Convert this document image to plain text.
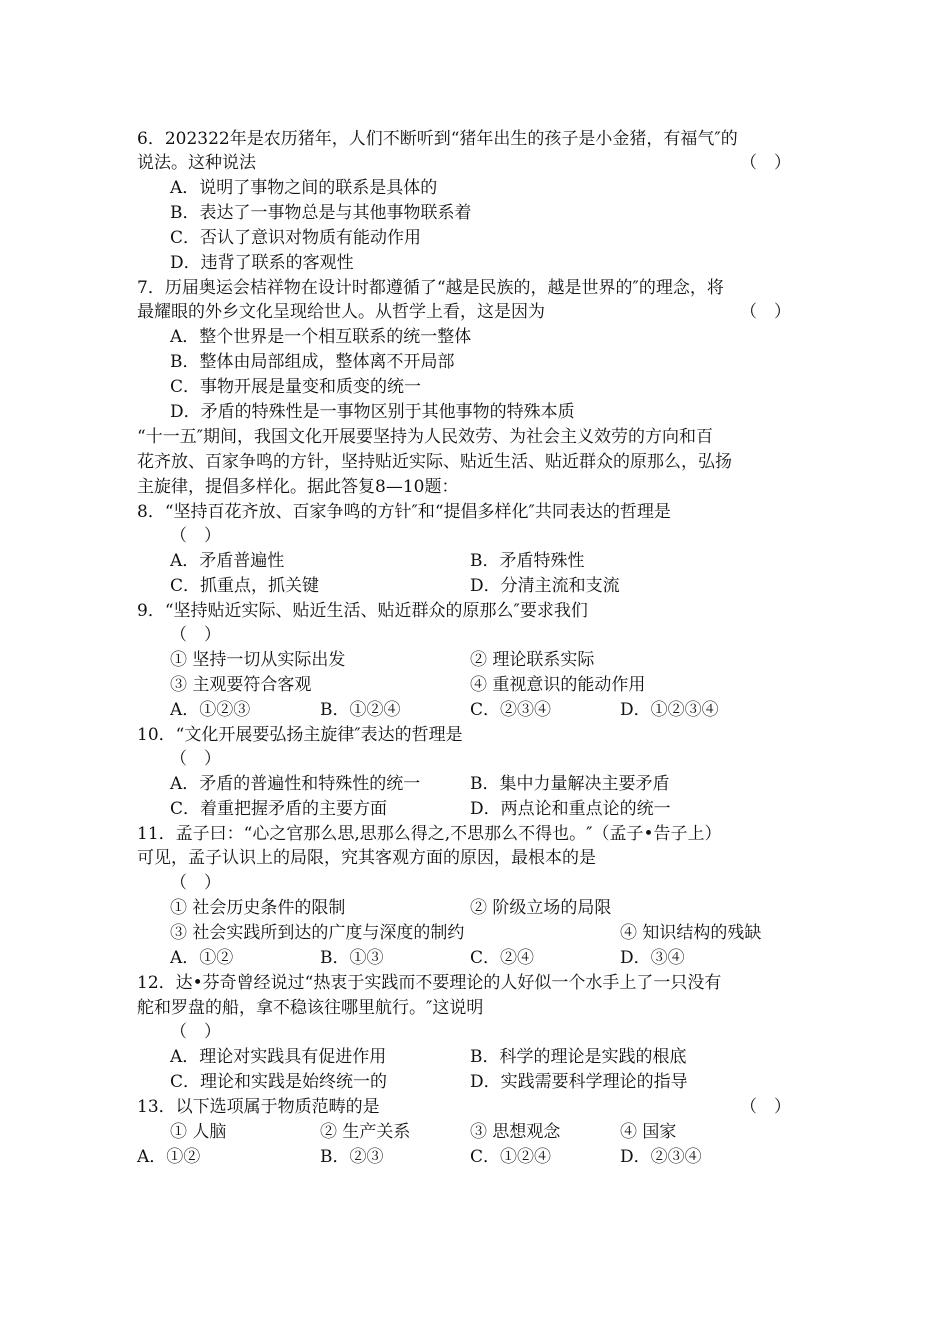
6．202322年是农历猪年，人们不断听到“猪年出生的孩子是小金猪，有福气″的
说法。这种说法	（　）
A．说明了事物之间的联系是具体的
B．表达了一事物总是与其他事物联系着
C．否认了意识对物质有能动作用
D．违背了联系的客观性
7．历届奥运会桔祥物在设计时都遵循了“越是民族的，越是世界的″的理念，将
最耀眼的外乡文化呈现给世人。从哲学上看，这是因为	（　）
A．整个世界是一个相互联系的统一整体
B．整体由局部组成，整体离不开局部
C．事物开展是量变和质变的统一
D．矛盾的特殊性是一事物区别于其他事物的特殊本质
“十一五″期间，我国文化开展要坚持为人民效劳、为社会主义效劳的方向和百
花齐放、百家争鸣的方针，坚持贴近实际、贴近生活、贴近群众的原那么，弘扬
主旋律，提倡多样化。据此答复8—10题：
8．“坚持百花齐放、百家争鸣的方针″和“提倡多样化″共同表达的哲理是
（　）
A．矛盾普遍性	B．矛盾特殊性
C．抓重点，抓关键	D．分清主流和支流
9．“坚持贴近实际、贴近生活、贴近群众的原那么″要求我们
（　）
① 坚持一切从实际出发	② 理论联系实际
③ 主观要符合客观	④ 重视意识的能动作用
A．①②③	B．①②④	C．②③④	D．①②③④
10．“文化开展要弘扬主旋律″表达的哲理是
（　）
A．矛盾的普遍性和特殊性的统一	B．集中力量解决主要矛盾
C．着重把握矛盾的主要方面	D．两点论和重点论的统一
11．孟子曰：“心之官那么思,思那么得之,不思那么不得也。″（孟子•告子上）
可见，孟子认识上的局限，究其客观方面的原因，最根本的是
（　）
① 社会历史条件的限制	② 阶级立场的局限
③ 社会实践所到达的广度与深度的制约	④ 知识结构的残缺
A．①②	B．①③	C．②④	D．③④
12．达•芬奇曾经说过“热衷于实践而不要理论的人好似一个水手上了一只没有
舵和罗盘的船，拿不稳该往哪里航行。″这说明
（　）
A．理论对实践具有促进作用	B．科学的理论是实践的根底
C．理论和实践是始终统一的	D．实践需要科学理论的指导
13．以下选项属于物质范畴的是	（　）
① 人脑	② 生产关系	③ 思想观念	④ 国家
A．①②	B．②③	C．①②④	D．②③④
